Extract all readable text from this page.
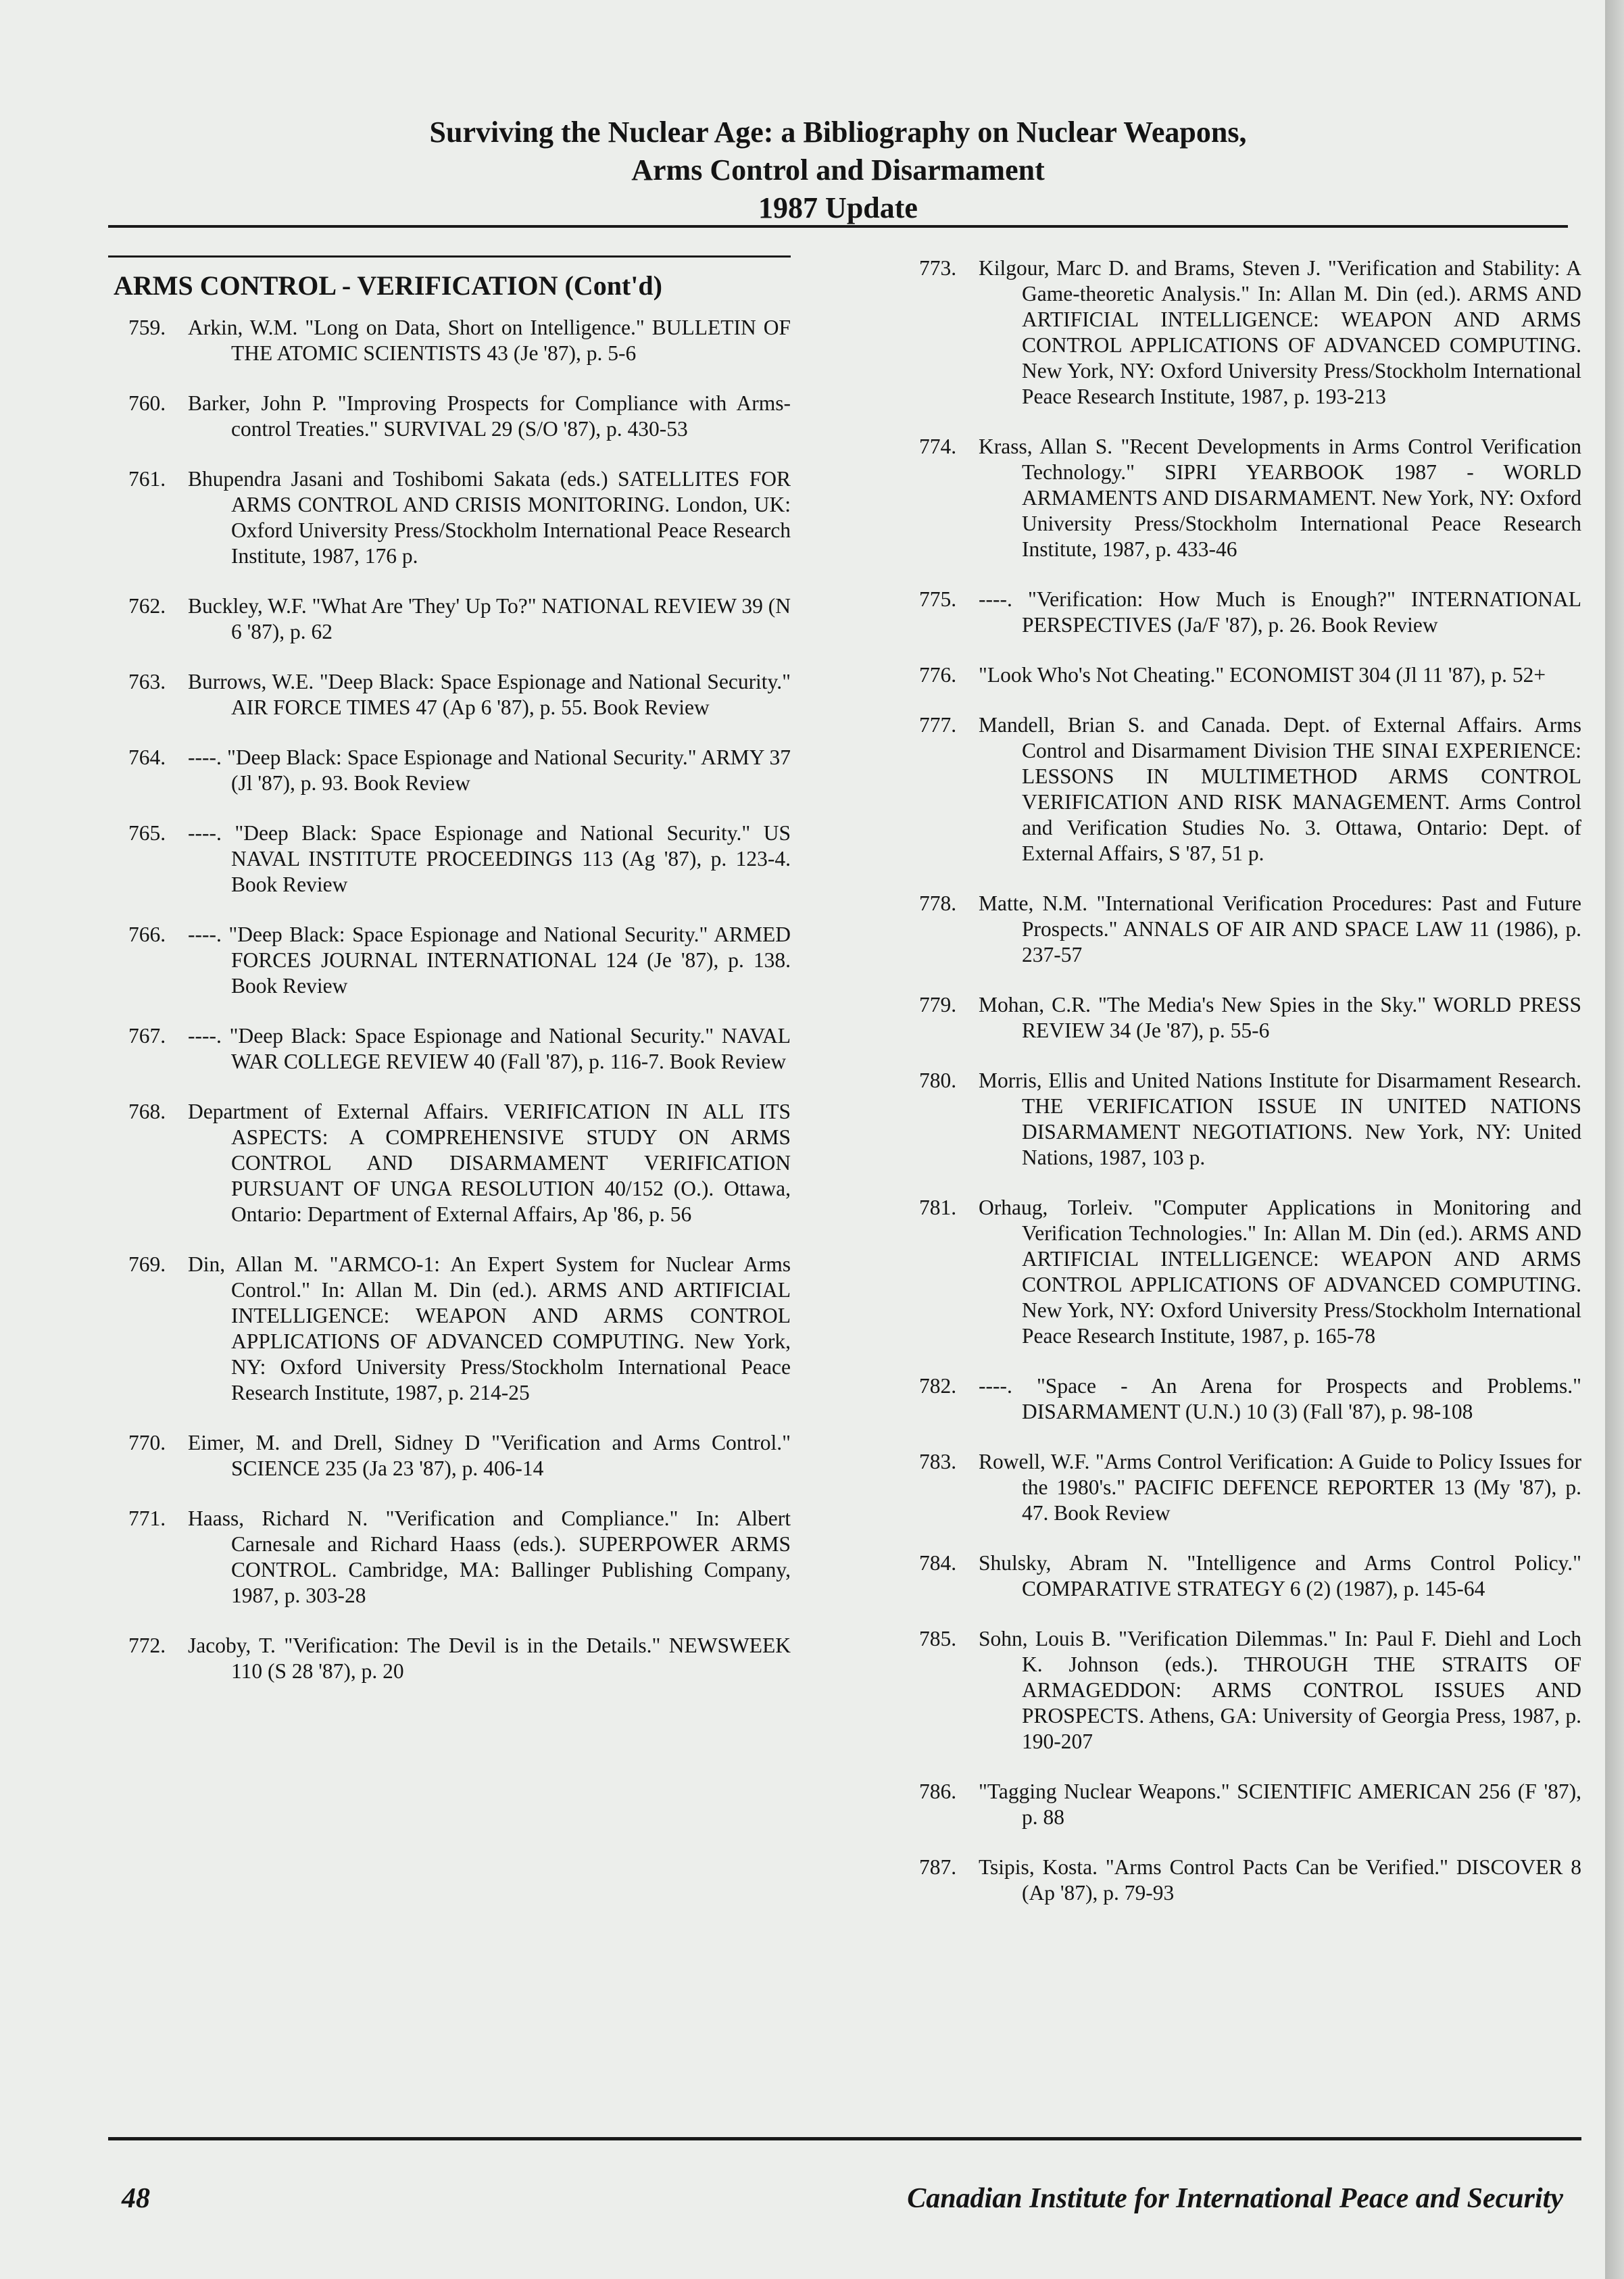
Surviving the Nuclear Age: a Bibliography on Nuclear Weapons,
Arms Control and Disarmament
1987 Update
ARMS CONTROL - VERIFICATION (Cont'd)
759. Arkin, W.M. "Long on Data, Short on Intelligence." BULLETIN OF THE ATOMIC SCIENTISTS 43 (Je '87), p. 5-6
760. Barker, John P. "Improving Prospects for Compliance with Arms-control Treaties." SURVIVAL 29 (S/O '87), p. 430-53
761. Bhupendra Jasani and Toshibomi Sakata (eds.) SATELLITES FOR ARMS CONTROL AND CRISIS MONITORING. London, UK: Oxford University Press/Stockholm International Peace Research Institute, 1987, 176 p.
762. Buckley, W.F. "What Are 'They' Up To?" NATIONAL REVIEW 39 (N 6 '87), p. 62
763. Burrows, W.E. "Deep Black: Space Espionage and National Security." AIR FORCE TIMES 47 (Ap 6 '87), p. 55. Book Review
764. ----. "Deep Black: Space Espionage and National Security." ARMY 37 (Jl '87), p. 93. Book Review
765. ----. "Deep Black: Space Espionage and National Security." US NAVAL INSTITUTE PROCEEDINGS 113 (Ag '87), p. 123-4. Book Review
766. ----. "Deep Black: Space Espionage and National Security." ARMED FORCES JOURNAL INTERNATIONAL 124 (Je '87), p. 138. Book Review
767. ----. "Deep Black: Space Espionage and National Security." NAVAL WAR COLLEGE REVIEW 40 (Fall '87), p. 116-7. Book Review
768. Department of External Affairs. VERIFICATION IN ALL ITS ASPECTS: A COMPREHENSIVE STUDY ON ARMS CONTROL AND DISARMAMENT VERIFICATION PURSUANT OF UNGA RESOLUTION 40/152 (O.). Ottawa, Ontario: Department of External Affairs, Ap '86, p. 56
769. Din, Allan M. "ARMCO-1: An Expert System for Nuclear Arms Control." In: Allan M. Din (ed.). ARMS AND ARTIFICIAL INTELLIGENCE: WEAPON AND ARMS CONTROL APPLICATIONS OF ADVANCED COMPUTING. New York, NY: Oxford University Press/Stockholm International Peace Research Institute, 1987, p. 214-25
770. Eimer, M. and Drell, Sidney D "Verification and Arms Control." SCIENCE 235 (Ja 23 '87), p. 406-14
771. Haass, Richard N. "Verification and Compliance." In: Albert Carnesale and Richard Haass (eds.). SUPERPOWER ARMS CONTROL. Cambridge, MA: Ballinger Publishing Company, 1987, p. 303-28
772. Jacoby, T. "Verification: The Devil is in the Details." NEWSWEEK 110 (S 28 '87), p. 20
773. Kilgour, Marc D. and Brams, Steven J. "Verification and Stability: A Game-theoretic Analysis." In: Allan M. Din (ed.). ARMS AND ARTIFICIAL INTELLIGENCE: WEAPON AND ARMS CONTROL APPLICATIONS OF ADVANCED COMPUTING. New York, NY: Oxford University Press/Stockholm International Peace Research Institute, 1987, p. 193-213
774. Krass, Allan S. "Recent Developments in Arms Control Verification Technology." SIPRI YEARBOOK 1987 - WORLD ARMAMENTS AND DISARMAMENT. New York, NY: Oxford University Press/Stockholm International Peace Research Institute, 1987, p. 433-46
775. ----. "Verification: How Much is Enough?" INTERNATIONAL PERSPECTIVES (Ja/F '87), p. 26. Book Review
776. "Look Who's Not Cheating." ECONOMIST 304 (Jl 11 '87), p. 52+
777. Mandell, Brian S. and Canada. Dept. of External Affairs. Arms Control and Disarmament Division THE SINAI EXPERIENCE: LESSONS IN MULTIMETHOD ARMS CONTROL VERIFICATION AND RISK MANAGEMENT. Arms Control and Verification Studies No. 3. Ottawa, Ontario: Dept. of External Affairs, S '87, 51 p.
778. Matte, N.M. "International Verification Procedures: Past and Future Prospects." ANNALS OF AIR AND SPACE LAW 11 (1986), p. 237-57
779. Mohan, C.R. "The Media's New Spies in the Sky." WORLD PRESS REVIEW 34 (Je '87), p. 55-6
780. Morris, Ellis and United Nations Institute for Disarmament Research. THE VERIFICATION ISSUE IN UNITED NATIONS DISARMAMENT NEGOTIATIONS. New York, NY: United Nations, 1987, 103 p.
781. Orhaug, Torleiv. "Computer Applications in Monitoring and Verification Technologies." In: Allan M. Din (ed.). ARMS AND ARTIFICIAL INTELLIGENCE: WEAPON AND ARMS CONTROL APPLICATIONS OF ADVANCED COMPUTING. New York, NY: Oxford University Press/Stockholm International Peace Research Institute, 1987, p. 165-78
782. ----. "Space - An Arena for Prospects and Problems." DISARMAMENT (U.N.) 10 (3) (Fall '87), p. 98-108
783. Rowell, W.F. "Arms Control Verification: A Guide to Policy Issues for the 1980's." PACIFIC DEFENCE REPORTER 13 (My '87), p. 47. Book Review
784. Shulsky, Abram N. "Intelligence and Arms Control Policy." COMPARATIVE STRATEGY 6 (2) (1987), p. 145-64
785. Sohn, Louis B. "Verification Dilemmas." In: Paul F. Diehl and Loch K. Johnson (eds.). THROUGH THE STRAITS OF ARMAGEDDON: ARMS CONTROL ISSUES AND PROSPECTS. Athens, GA: University of Georgia Press, 1987, p. 190-207
786. "Tagging Nuclear Weapons." SCIENTIFIC AMERICAN 256 (F '87), p. 88
787. Tsipis, Kosta. "Arms Control Pacts Can be Verified." DISCOVER 8 (Ap '87), p. 79-93
48	Canadian Institute for International Peace and Security
